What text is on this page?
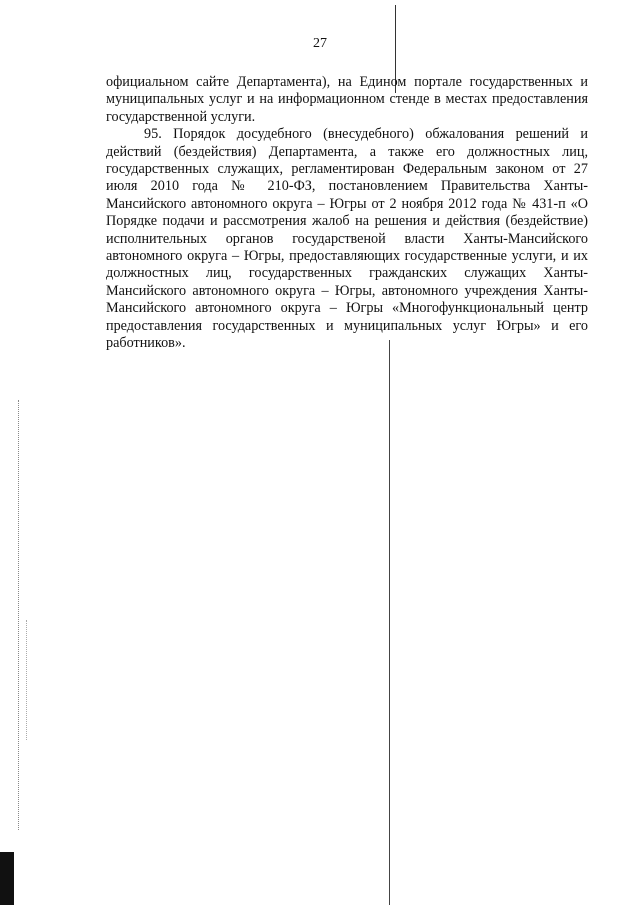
27

официальном сайте Департамента), на Едином портале государственных и муниципальных услуг и на информационном стенде в местах предоставления государственной услуги.

95. Порядок досудебного (внесудебного) обжалования решений и действий (бездействия) Департамента, а также его должностных лиц, государственных служащих, регламентирован Федеральным законом от 27 июля 2010 года № 210-ФЗ, постановлением Правительства Ханты-Мансийского автономного округа – Югры от 2 ноября 2012 года № 431-п «О Порядке подачи и рассмотрения жалоб на решения и действия (бездействие) исполнительных органов государственой власти Ханты-Мансийского автономного округа – Югры, предоставляющих государственные услуги, и их должностных лиц, государственных гражданских служащих Ханты-Мансийского автономного округа – Югры, автономного учреждения Ханты-Мансийского автономного округа – Югры «Многофункциональный центр предоставления государственных и муниципальных услуг Югры» и его работников».
